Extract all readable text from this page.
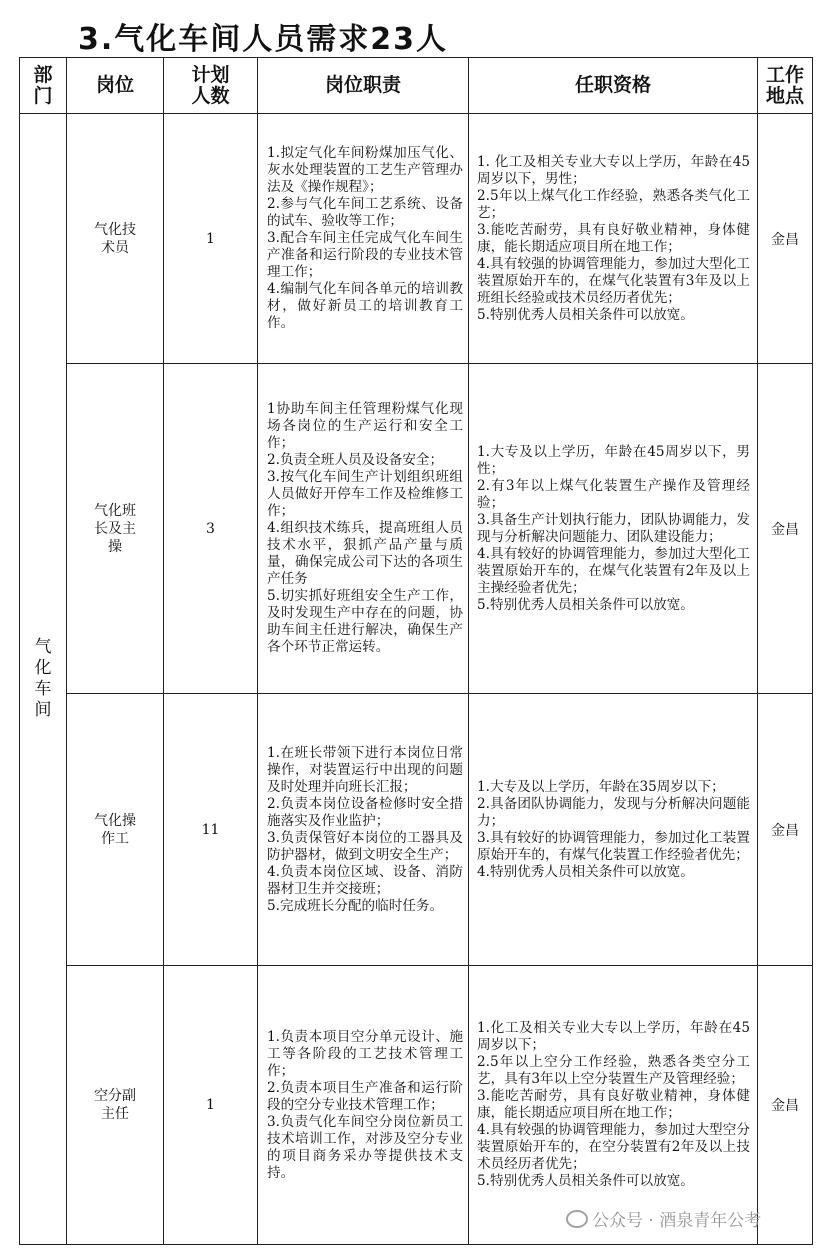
3.气化车间人员需求23人
部门	岗位	计划人数	岗位职责	任职资格	工作地点

气化车间	气化技术员	1	1.拟定气化车间粉煤加压气化、灰水处理装置的工艺生产管理办法及《操作规程》；
2.参与气化车间工艺系统、设备的试车、验收等工作；
3.配合车间主任完成气化车间生产准备和运行阶段的专业技术管理工作；
4.编制气化车间各单元的培训教材，做好新员工的培训教育工作。	1. 化工及相关专业大专以上学历，年龄在45周岁以下，男性；
2.5年以上煤气化工作经验，熟悉各类气化工艺；
3.能吃苦耐劳，具有良好敬业精神，身体健康，能长期适应项目所在地工作；
4.具有较强的协调管理能力，参加过大型化工装置原始开车的，在煤气化装置有3年及以上班组长经验或技术员经历者优先；
5.特别优秀人员相关条件可以放宽。	金昌
	气化班长及主操	3	1协助车间主任管理粉煤气化现场各岗位的生产运行和安全工作；
2.负责全班人员及设备安全；
3.按气化车间生产计划组织班组人员做好开停车工作及检维修工作；
4.组织技术练兵，提高班组人员技术水平，狠抓产品产量与质量，确保完成公司下达的各项生产任务
5.切实抓好班组安全生产工作，及时发现生产中存在的问题，协助车间主任进行解决，确保生产各个环节正常运转。	1.大专及以上学历，年龄在45周岁以下，男性；
2.有3年以上煤气化装置生产操作及管理经验；
3.具备生产计划执行能力，团队协调能力，发现与分析解决问题能力、团队建设能力；
4.具有较好的协调管理能力，参加过大型化工装置原始开车的，在煤气化装置有2年及以上主操经验者优先；
5.特别优秀人员相关条件可以放宽。	金昌
	气化操作工	11	1.在班长带领下进行本岗位日常操作，对装置运行中出现的问题及时处理并向班长汇报；
2.负责本岗位设备检修时安全措施落实及作业监护；
3.负责保管好本岗位的工器具及防护器材，做到文明安全生产；
4.负责本岗位区域、设备、消防器材卫生并交接班；
5.完成班长分配的临时任务。	1.大专及以上学历，年龄在35周岁以下；
2.具备团队协调能力，发现与分析解决问题能力；
3.具有较好的协调管理能力，参加过化工装置原始开车的，有煤气化装置工作经验者优先；
4.特别优秀人员相关条件可以放宽。	金昌
	空分副主任	1	1.负责本项目空分单元设计、施工等各阶段的工艺技术管理工作；
2.负责本项目生产准备和运行阶段的空分专业技术管理工作；
3.负责气化车间空分岗位新员工技术培训工作，对涉及空分专业的项目商务采办等提供技术支持。	1.化工及相关专业大专以上学历，年龄在45周岁以下；
2.5年以上空分工作经验，熟悉各类空分工艺，具有3年以上空分装置生产及管理经验；
3.能吃苦耐劳，具有良好敬业精神，身体健康，能长期适应项目所在地工作；
4.具有较强的协调管理能力，参加过大型空分装置原始开车的，在空分装置有2年及以上技术员经历者优先；
5.特别优秀人员相关条件可以放宽。	金昌
公众号 · 酒泉青年公考
